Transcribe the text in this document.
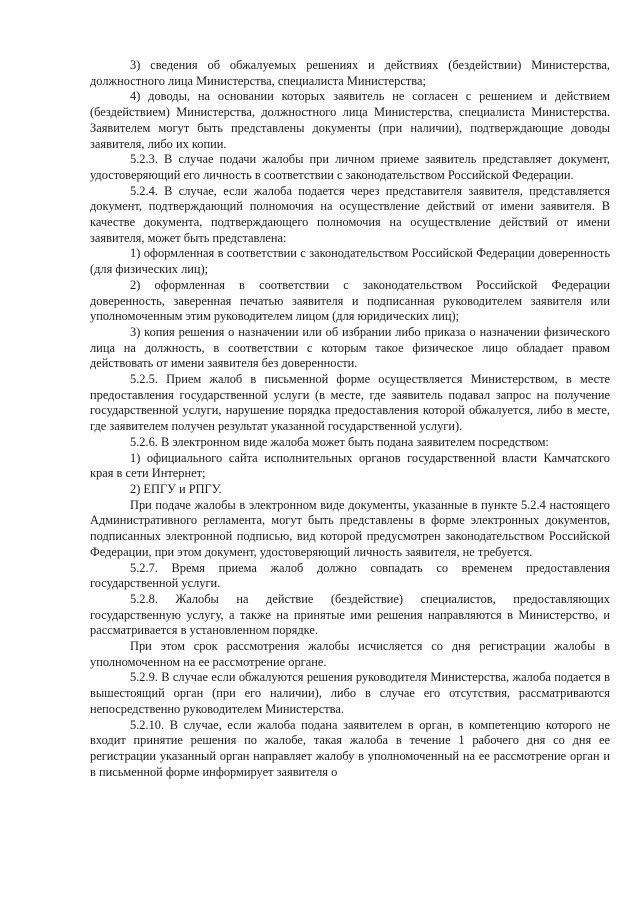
3) сведения об обжалуемых решениях и действиях (бездействии) Министерства, должностного лица Министерства, специалиста Министерства;

4) доводы, на основании которых заявитель не согласен с решением и действием (бездействием) Министерства, должностного лица Министерства, специалиста Министерства. Заявителем могут быть представлены документы (при наличии), подтверждающие доводы заявителя, либо их копии.

5.2.3. В случае подачи жалобы при личном приеме заявитель представляет документ, удостоверяющий его личность в соответствии с законодательством Российской Федерации.

5.2.4. В случае, если жалоба подается через представителя заявителя, представляется документ, подтверждающий полномочия на осуществление действий от имени заявителя. В качестве документа, подтверждающего полномочия на осуществление действий от имени заявителя, может быть представлена:

1) оформленная в соответствии с законодательством Российской Федерации доверенность (для физических лиц);

2) оформленная в соответствии с законодательством Российской Федерации доверенность, заверенная печатью заявителя и подписанная руководителем заявителя или уполномоченным этим руководителем лицом (для юридических лиц);

3) копия решения о назначении или об избрании либо приказа о назначении физического лица на должность, в соответствии с которым такое физическое лицо обладает правом действовать от имени заявителя без доверенности.

5.2.5. Прием жалоб в письменной форме осуществляется Министерством, в месте предоставления государственной услуги (в месте, где заявитель подавал запрос на получение государственной услуги, нарушение порядка предоставления которой обжалуется, либо в месте, где заявителем получен результат указанной государственной услуги).

5.2.6. В электронном виде жалоба может быть подана заявителем посредством:

1) официального сайта исполнительных органов государственной власти Камчатского края в сети Интернет;

2) ЕПГУ и РПГУ.

При подаче жалобы в электронном виде документы, указанные в пункте 5.2.4 настоящего Административного регламента, могут быть представлены в форме электронных документов, подписанных электронной подписью, вид которой предусмотрен законодательством Российской Федерации, при этом документ, удостоверяющий личность заявителя, не требуется.

5.2.7. Время приема жалоб должно совпадать со временем предоставления государственной услуги.

5.2.8. Жалобы на действие (бездействие) специалистов, предоставляющих государственную услугу, а также на принятые ими решения направляются в Министерство, и рассматривается в установленном порядке.

При этом срок рассмотрения жалобы исчисляется со дня регистрации жалобы в уполномоченном на ее рассмотрение органе.

5.2.9. В случае если обжалуются решения руководителя Министерства, жалоба подается в вышестоящий орган (при его наличии), либо в случае его отсутствия, рассматриваются непосредственно руководителем Министерства.

5.2.10. В случае, если жалоба подана заявителем в орган, в компетенцию которого не входит принятие решения по жалобе, такая жалоба в течение 1 рабочего дня со дня ее регистрации указанный орган направляет жалобу в уполномоченный на ее рассмотрение орган и в письменной форме информирует заявителя о
